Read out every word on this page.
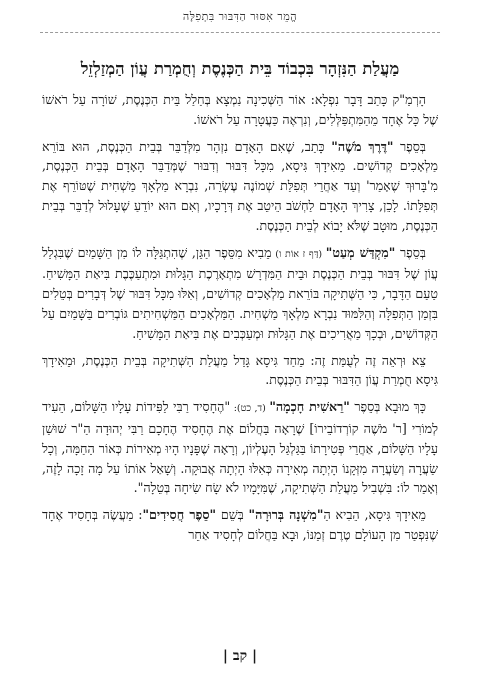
הֱמֵר אִסּוּר הַדִּבּוּר בִּתְפִלָּה
מַעֲלַת הַנִּזְהָר בִּכְבוֹד בֵּית הַכְּנֶסֶת וְחֻמְרַת עֲוֹן הַמְזַלְזֵל

הָרְמַ"ק כָּתַב דָּבָר נִפְלָא: אוֹר הַשְּׁכִינָה נִמְצָא בְּחַלַל בֵּית הַכְּנֶסֶת, שׁוֹרָה עַל רֹאשׁוֹ שֶׁל כָּל אֶחָד מֵהַמִּתְפַּלְּלִים, וְנִרְאֶה כַּעֲטָרָה עַל רֹאשׁוֹ.

בְּסֵפֶר "דֶּרֶךְ מֹשֶׁה" כָּתַב, שֶׁאִם הָאָדָם נִזְהָר מִלְּדַבֵּר בְּבֵית הַכְּנֶסֶת, הוּא בּוֹרֵא מַלְאָכִים קְדוֹשִׁים. מֵאִידָךְ גִּיסָא, מִכָּל דִּבּוּר וְדִבּוּר שֶׁמְּדַבֵּר הָאָדָם בְּבֵית הַכְּנֶסֶת, מִ'בָּרוּךְ שֶׁאָמַר' וְעַד אַחֲרֵי תְּפִלַּת שְׁמוֹנֶה עֶשְׂרֵה, נִבְרָא מַלְאָךְ מַשְׁחִית שֶׁטּוֹרֵף אֶת תְּפִלָּתוֹ. לָכֵן, צָרִיךְ הָאָדָם לַחְשֹׁב הֵיטֵב אֶת דְּרָכָיו, וְאִם הוּא יוֹדֵעַ שֶׁעָלוּל לְדַבֵּר בְּבֵית הַכְּנֶסֶת, מוּטָב שֶׁלֹּא יָבוֹא לְבֵית הַכְּנֶסֶת.

בְּסֵפֶר "מִקְדַּשׁ מְעַט" (דַּף ז אוֹת ו) מֵבִיא מִסֵּפֶר הַגַּן, שֶׁהִתְגַּלָּה לוֹ מִן הַשָּׁמַיִם שֶׁבִּגְלַל עֲוֹן שֶׁל דִּבּוּר בְּבֵית הַכְּנֶסֶת וּבֵית הַמִּדְרָשׁ מִתְאָרֶכֶת הַגָּלוּת וּמִתְעַכֶּבֶת בִּיאַת הַמָּשִׁיחַ. טַעַם הַדָּבָר, כִּי הַשְּׁתִיקָה בּוֹרֵאת מַלְאָכִים קְדוֹשִׁים, וְאִלּוּ מִכָּל דִּבּוּר שֶׁל דְּבָרִים בְּטֵלִים בִּזְמַן הַתְּפִלָּה וְהַלִּמּוּד נִבְרָא מַלְאָךְ מַשְׁחִית. הַמַּלְאָכִים הַמַּשְׁחִיתִים גּוֹבְרִים בַּשָּׁמַיִם עַל הַקְּדוֹשִׁים, וּבְכָךְ מַאֲרִיכִים אֶת הַגָּלוּת וּמְעַכְּבִים אֶת בִּיאַת הַמָּשִׁיחַ.

צֵא וּרְאֵה זֶה לְעֻמַּת זֶה: מֵחַד גִּיסָא גָּדַל מַעֲלַת הַשְּׁתִיקָה בְּבֵית הַכְּנֶסֶת, וּמֵאִידָךְ גִּיסָא חֻמְרַת עֲוֹן הַדִּבּוּר בְּבֵית הַכְּנֶסֶת.

כָּךְ מוּבָא בְּסֵפֶר "רֵאשִׁית חָכְמָה" (ד, כט): "הֶחָסִיד רַבִּי לַפִּידוֹת עָלָיו הַשָּׁלוֹם, הֵעִיד לְמוֹרִי [ר' מֹשֶׁה קוֹרְדוֹבֵירוֹ] שֶׁרָאָה בַּחֲלוֹם אֶת הֶחָסִיד הֶחָכָם רַבִּי יְהוּדָה הַ"ר שׁוּשַׁן עָלָיו הַשָּׁלוֹם, אַחֲרֵי פְּטִירָתוֹ בַּגַּלְגַּל הָעֶלְיוֹן, וְרָאָה שֶׁפָּנָיו הָיוּ מְאִירוֹת כְּאוֹר הַחַמָּה, וְכָל שַׂעֲרָה וְשַׂעֲרָה מִזְּקָנוֹ הָיְתָה מְאִירָה כְּאִלּוּ הָיְתָה אֲבוּקָה. וְשָׁאַל אוֹתוֹ עַל מָה זָכָה לָזֶה, וְאָמַר לוֹ: בִּשְׁבִיל מַעֲלַת הַשְּׁתִיקָה, שֶׁמִּיָּמָיו לֹא שָׂח שִׂיחָה בְּטֵלָה".

מֵאִידָךְ גִּיסָא, הֵבִיא הַ"מִשְׁנָה בְּרוּרָה" בְּשֵׁם "סֵפֶר חֲסִידִים": מַעֲשֶׂה בְּחָסִיד אֶחָד שֶׁנִּפְטַר מִן הָעוֹלָם טֶרֶם זְמַנּוֹ, וּבָא בַּחֲלוֹם לְחָסִיד אַחֵר

| קב |
